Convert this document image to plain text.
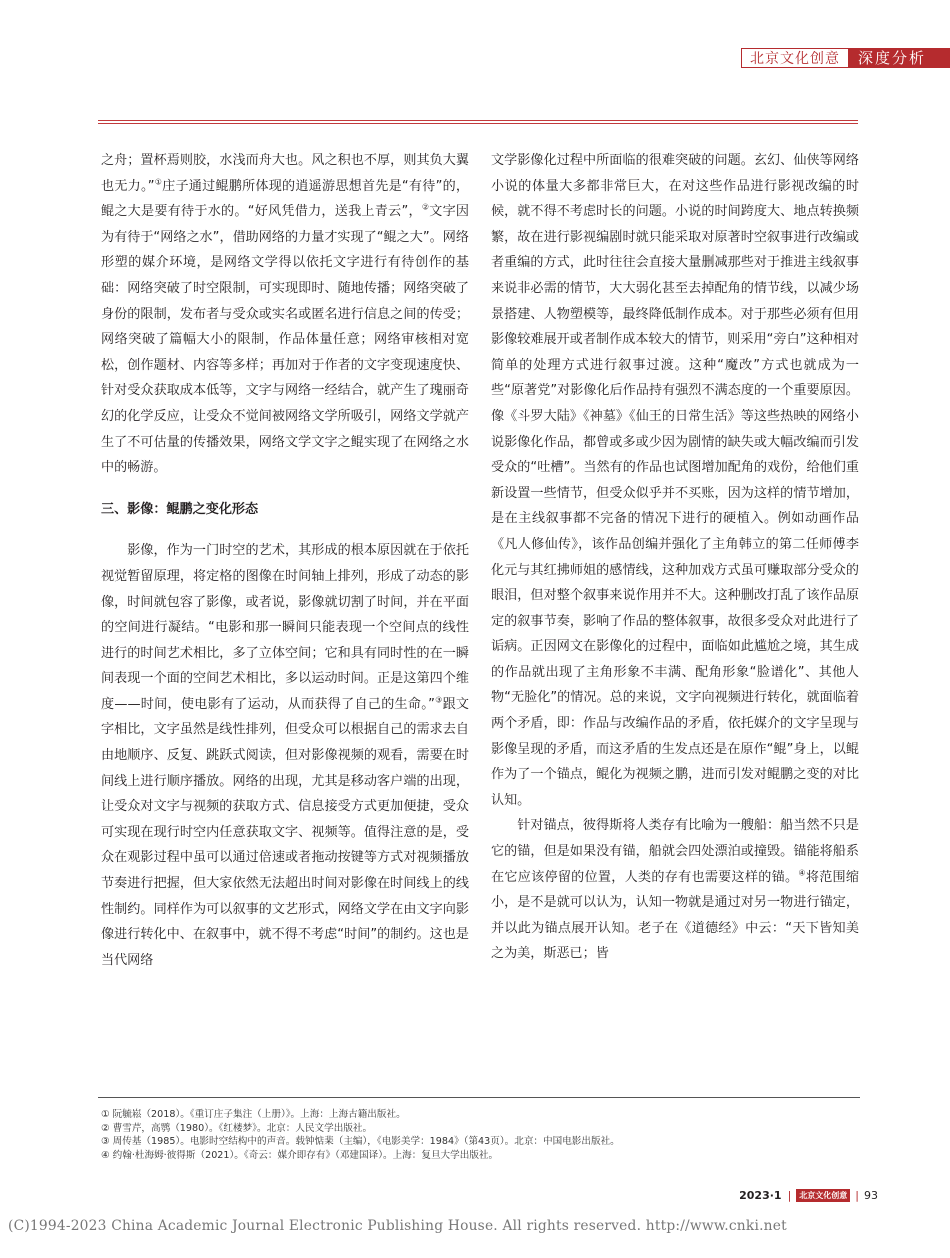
北京文化创意	深度分析

之舟；置杯焉则胶，水浅而舟大也。风之积也不厚，则其负大翼也无力。”①庄子通过鲲鹏所体现的逍遥游思想首先是“有待”的，鲲之大是要有待于水的。“好风凭借力，送我上青云”，②文字因为有待于“网络之水”，借助网络的力量才实现了“鲲之大”。网络形塑的媒介环境，是网络文学得以依托文字进行有待创作的基础：网络突破了时空限制，可实现即时、随地传播；网络突破了身份的限制，发布者与受众或实名或匿名进行信息之间的传受；网络突破了篇幅大小的限制，作品体量任意；网络审核相对宽松，创作题材、内容等多样；再加对于作者的文字变现速度快、针对受众获取成本低等，文字与网络一经结合，就产生了瑰丽奇幻的化学反应，让受众不觉间被网络文学所吸引，网络文学就产生了不可估量的传播效果，网络文学文字之鲲实现了在网络之水中的畅游。

三、影像：鲲鹏之变化形态

影像，作为一门时空的艺术，其形成的根本原因就在于依托视觉暂留原理，将定格的图像在时间轴上排列，形成了动态的影像，时间就包容了影像，或者说，影像就切割了时间，并在平面的空间进行凝结。“电影和那一瞬间只能表现一个空间点的线性进行的时间艺术相比，多了立体空间；它和具有同时性的在一瞬间表现一个面的空间艺术相比，多以运动时间。正是这第四个维度——时间，使电影有了运动，从而获得了自己的生命。”③跟文字相比，文字虽然是线性排列，但受众可以根据自己的需求去自由地顺序、反复、跳跃式阅读，但对影像视频的观看，需要在时间线上进行顺序播放。网络的出现，尤其是移动客户端的出现，让受众对文字与视频的获取方式、信息接受方式更加便捷，受众可实现在现行时空内任意获取文字、视频等。值得注意的是，受众在观影过程中虽可以通过倍速或者拖动按键等方式对视频播放节奏进行把握，但大家依然无法超出时间对影像在时间线上的线性制约。同样作为可以叙事的文艺形式，网络文学在由文字向影像进行转化中、在叙事中，就不得不考虑“时间”的制约。这也是当代网络

文学影像化过程中所面临的很难突破的问题。玄幻、仙侠等网络小说的体量大多都非常巨大，在对这些作品进行影视改编的时候，就不得不考虑时长的问题。小说的时间跨度大、地点转换频繁，故在进行影视编剧时就只能采取对原著时空叙事进行改编或者重编的方式，此时往往会直接大量删减那些对于推进主线叙事来说非必需的情节，大大弱化甚至去掉配角的情节线，以减少场景搭建、人物塑模等，最终降低制作成本。对于那些必须有但用影像较难展开或者制作成本较大的情节，则采用“旁白”这种相对简单的处理方式进行叙事过渡。这种“魔改”方式也就成为一些“原著党”对影像化后作品持有强烈不满态度的一个重要原因。像《斗罗大陆》《神墓》《仙王的日常生活》等这些热映的网络小说影像化作品，都曾或多或少因为剧情的缺失或大幅改编而引发受众的“吐槽”。当然有的作品也试图增加配角的戏份，给他们重新设置一些情节，但受众似乎并不买账，因为这样的情节增加，是在主线叙事都不完备的情况下进行的硬植入。例如动画作品《凡人修仙传》，该作品创编并强化了主角韩立的第二任师傅李化元与其红拂师姐的感情线，这种加戏方式虽可赚取部分受众的眼泪，但对整个叙事来说作用并不大。这种删改打乱了该作品原定的叙事节奏，影响了作品的整体叙事，故很多受众对此进行了诟病。正因网文在影像化的过程中，面临如此尴尬之境，其生成的作品就出现了主角形象不丰满、配角形象“脸谱化”、其他人物“无脸化”的情况。总的来说，文字向视频进行转化，就面临着两个矛盾，即：作品与改编作品的矛盾，依托媒介的文字呈现与影像呈现的矛盾，而这矛盾的生发点还是在原作“鲲”身上，以鲲作为了一个锚点，鲲化为视频之鹏，进而引发对鲲鹏之变的对比认知。

针对锚点，彼得斯将人类存有比喻为一艘船：船当然不只是它的锚，但是如果没有锚，船就会四处漂泊或撞毁。锚能将船系在它应该停留的位置，人类的存有也需要这样的锚。④将范围缩小，是不是就可以认为，认知一物就是通过对另一物进行锚定，并以此为锚点展开认知。老子在《道德经》中云：“天下皆知美之为美，斯恶已；皆

① 阮毓崧（2018）。《重订庄子集注（上册）》。上海：上海古籍出版社。
② 曹雪芹，高鹗（1980）。《红楼梦》。北京：人民文学出版社。
③ 周传基（1985）。电影时空结构中的声音。载钟惦棐（主编），《电影美学：1984》（第43页）。北京：中国电影出版社。
④ 约翰·杜海姆·彼得斯（2021）。《奇云：媒介即存有》（邓建国译）。上海：复旦大学出版社。
2023·1 |	北京文化创意 | 93
(C)1994-2023 China Academic Journal Electronic Publishing House. All rights reserved. http://www.cnki.net
